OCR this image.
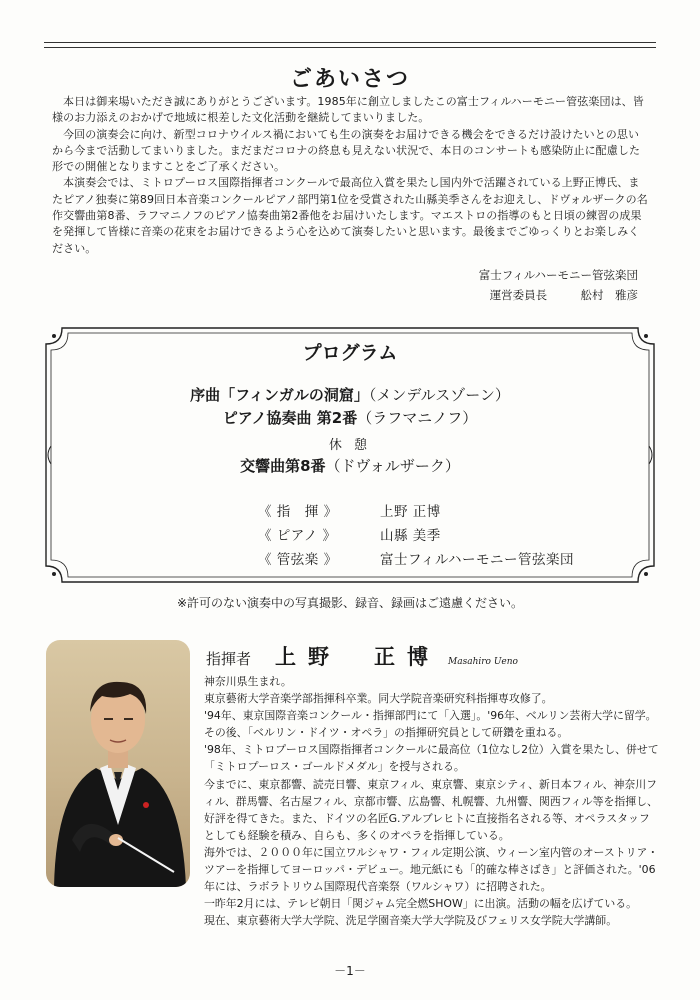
ごあいさつ

本日は御来場いただき誠にありがとうございます。1985年に創立しましたこの富士フィルハーモニー管弦楽団は、皆様のお力添えのおかげで地域に根差した文化活動を継続してまいりました。

今回の演奏会に向け、新型コロナウイルス禍においても生の演奏をお届けできる機会をできるだけ設けたいとの思いから今まで活動してまいりました。まだまだコロナの終息も見えない状況で、本日のコンサートも感染防止に配慮した形での開催となりますことをご了承ください。

本演奏会では、ミトロプーロス国際指揮者コンクールで最高位入賞を果たし国内外で活躍されている上野正博氏、またピアノ独奏に第89回日本音楽コンクールピアノ部門第1位を受賞された山縣美季さんをお迎えし、ドヴォルザークの名作交響曲第8番、ラフマニノフのピアノ協奏曲第2番他をお届けいたします。マエストロの指導のもと日頃の練習の成果を発揮して皆様に音楽の花束をお届けできるよう心を込めて演奏したいと思います。最後までごゆっくりとお楽しみください。

富士フィルハーモニー管弦楽団
運営委員長	舩村　雅彦
プログラム
序曲「フィンガルの洞窟」（メンデルスゾーン）
ピアノ協奏曲 第2番（ラフマニノフ）
休 憩
交響曲第8番（ドヴォルザーク）
《 指　揮 》	上野 正博
《 ピアノ 》	山縣 美季
《 管弦楽 》	富士フィルハーモニー管弦楽団
※許可のない演奏中の写真撮影、録音、録画はご遠慮ください。
指揮者 上野　正博 Masahiro Ueno

神奈川県生まれ。

東京藝術大学音楽学部指揮科卒業。同大学院音楽研究科指揮専攻修了。

'94年、東京国際音楽コンクール・指揮部門にて「入選」。'96年、ベルリン芸術大学に留学。その後、「ベルリン・ドイツ・オペラ」の指揮研究員として研鑽を重ねる。

'98年、ミトロプーロス国際指揮者コンクールに最高位（1位なし2位）入賞を果たし、併せて「ミトロプーロス・ゴールドメダル」を授与される。

今までに、東京都響、読売日響、東京フィル、東京響、東京シティ、新日本フィル、神奈川フィル、群馬響、名古屋フィル、京都市響、広島響、札幌響、九州響、関西フィル等を指揮し、好評を得てきた。また、ドイツの名匠G.アルブレヒトに直接指名される等、オペラスタッフとしても経験を積み、自らも、多くのオペラを指揮している。

海外では、２０００年に国立ワルシャワ・フィル定期公演、ウィーン室内管のオーストリア・ツアーを指揮してヨーロッパ・デビュー。地元紙にも「的確な棒さばき」と評価された。'06年には、ラボラトリウム国際現代音楽祭（ワルシャワ）に招聘された。

一昨年2月には、テレビ朝日「関ジャム完全燃SHOW」に出演。活動の幅を広げている。

現在、東京藝術大学大学院、洗足学園音楽大学大学院及びフェリス女学院大学講師。

－1－
